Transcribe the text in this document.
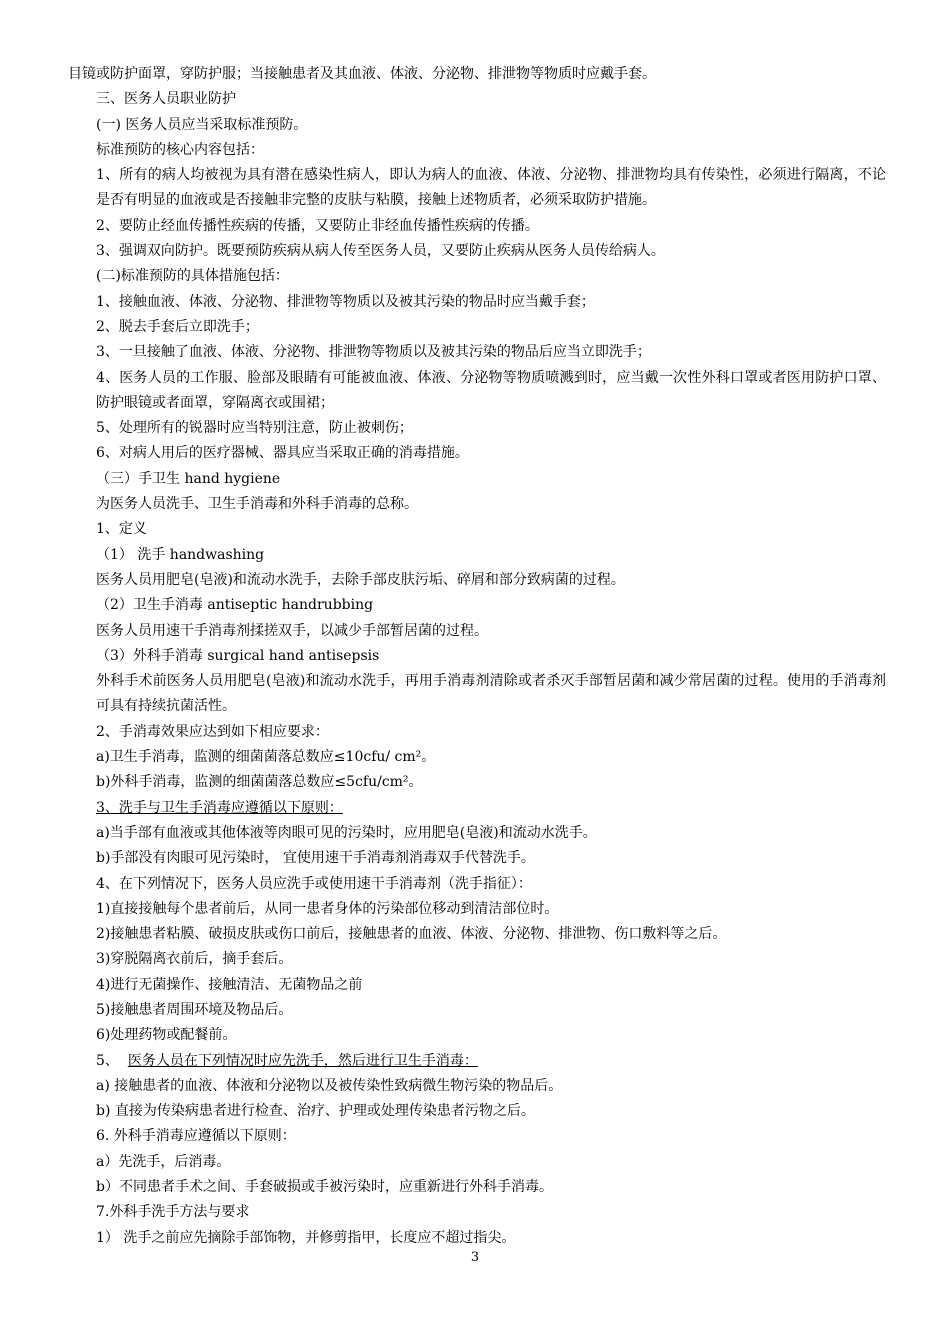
目镜或防护面罩，穿防护服；当接触患者及其血液、体液、分泌物、排泄物等物质时应戴手套。
三、医务人员职业防护
(一) 医务人员应当采取标准预防。
标准预防的核心内容包括：
1、所有的病人均被视为具有潜在感染性病人，即认为病人的血液、体液、分泌物、排泄物均具有传染性，必须进行隔离，不论是否有明显的血液或是否接触非完整的皮肤与粘膜，接触上述物质者，必须采取防护措施。
2、要防止经血传播性疾病的传播，又要防止非经血传播性疾病的传播。
3、强调双向防护。既要预防疾病从病人传至医务人员，又要防止疾病从医务人员传给病人。
(二)标准预防的具体措施包括：
1、接触血液、体液、分泌物、排泄物等物质以及被其污染的物品时应当戴手套；
2、脱去手套后立即洗手；
3、一旦接触了血液、体液、分泌物、排泄物等物质以及被其污染的物品后应当立即洗手；
4、医务人员的工作服、脸部及眼睛有可能被血液、体液、分泌物等物质喷溅到时，应当戴一次性外科口罩或者医用防护口罩、防护眼镜或者面罩，穿隔离衣或围裙；
5、处理所有的锐器时应当特别注意，防止被刺伤；
6、对病人用后的医疗器械、器具应当采取正确的消毒措施。
（三）手卫生 hand hygiene
为医务人员洗手、卫生手消毒和外科手消毒的总称。
1、定义
（1） 洗手 handwashing
医务人员用肥皂(皂液)和流动水洗手，去除手部皮肤污垢、碎屑和部分致病菌的过程。
（2）卫生手消毒 antiseptic handrubbing
医务人员用速干手消毒剂揉搓双手，以减少手部暂居菌的过程。
（3）外科手消毒 surgical hand antisepsis
外科手术前医务人员用肥皂(皂液)和流动水洗手，再用手消毒剂清除或者杀灭手部暂居菌和减少常居菌的过程。使用的手消毒剂可具有持续抗菌活性。
2、手消毒效果应达到如下相应要求：
a)卫生手消毒，监测的细菌菌落总数应≤10cfu/ cm²。
b)外科手消毒，监测的细菌菌落总数应≤5cfu/cm²。
3、洗手与卫生手消毒应遵循以下原则：
a)当手部有血液或其他体液等肉眼可见的污染时，应用肥皂(皂液)和流动水洗手。
b)手部没有肉眼可见污染时， 宜使用速干手消毒剂消毒双手代替洗手。
4、在下列情况下，医务人员应洗手或使用速干手消毒剂（洗手指征）：
1)直接接触每个患者前后，从同一患者身体的污染部位移动到清洁部位时。
2)接触患者粘膜、破损皮肤或伤口前后，接触患者的血液、体液、分泌物、排泄物、伤口敷料等之后。
3)穿脱隔离衣前后，摘手套后。
4)进行无菌操作、接触清洁、无菌物品之前
5)接触患者周围环境及物品后。
6)处理药物或配餐前。
5、 医务人员在下列情况时应先洗手，然后进行卫生手消毒：
a) 接触患者的血液、体液和分泌物以及被传染性致病微生物污染的物品后。
b) 直接为传染病患者进行检查、治疗、护理或处理传染患者污物之后。
6. 外科手消毒应遵循以下原则：
a）先洗手，后消毒。
b）不同患者手术之间、手套破损或手被污染时，应重新进行外科手消毒。
7.外科手洗手方法与要求
1） 洗手之前应先摘除手部饰物，并修剪指甲，长度应不超过指尖。
3
